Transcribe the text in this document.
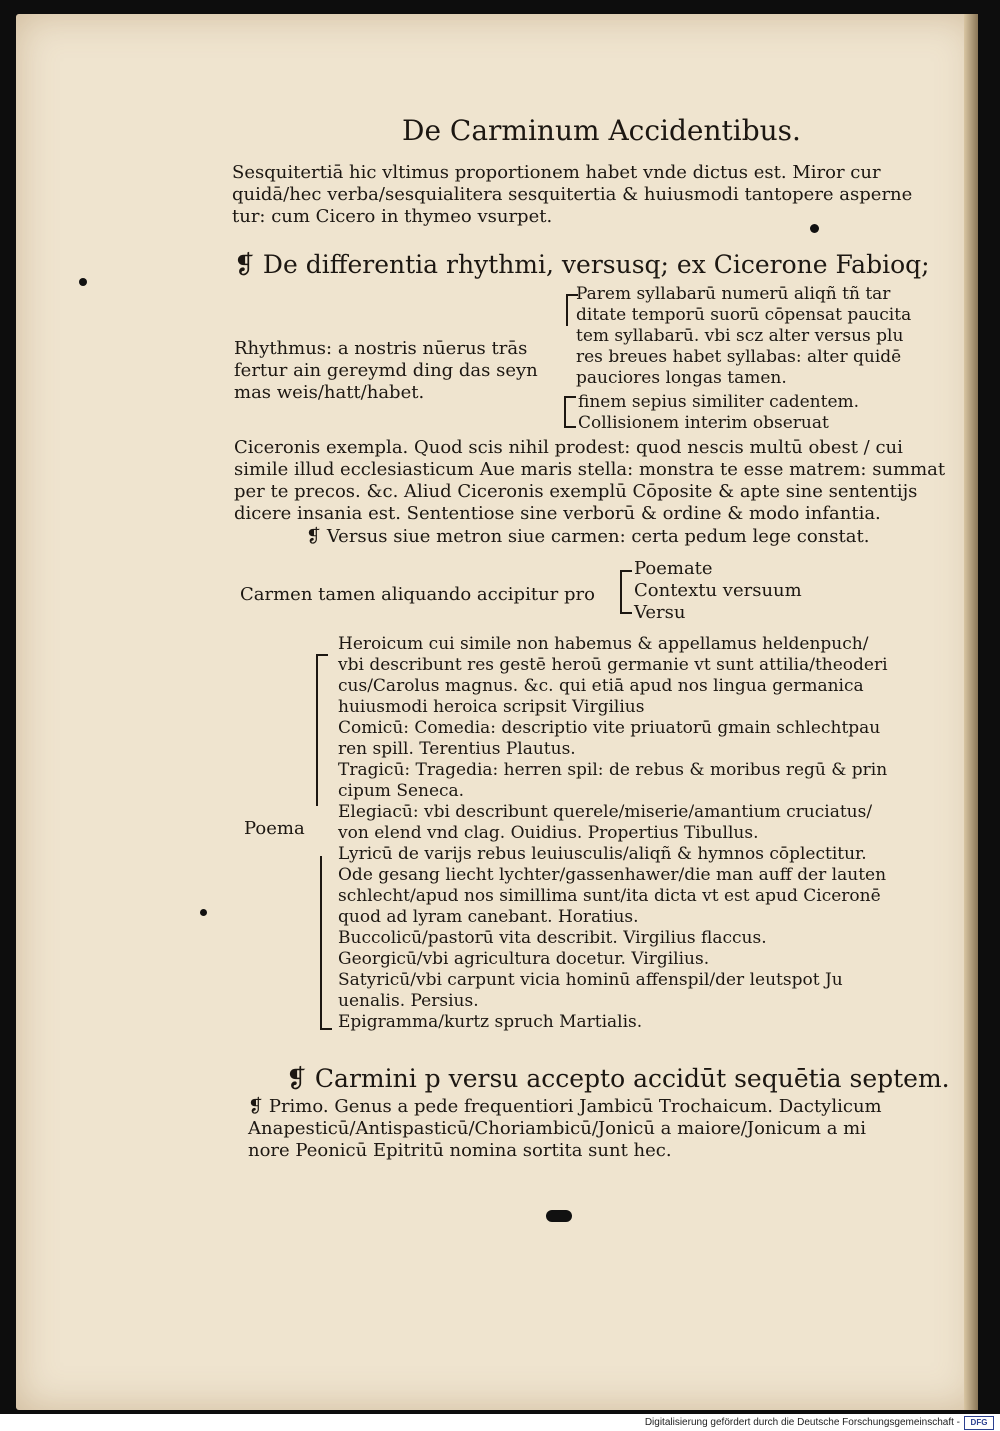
De Carminum Accidentibus.
Sesquitertiā hic vltimus proportionem habet vnde dictus est. Miror cur
quidā/hec verba/sesquialitera sesquitertia & huiusmodi tantopere asperne
tur: cum Cicero in thymeo vsurpet.
❡ De differentia rhythmi, versusq; ex Cicerone Fabioq;
Rhythmus: a nostris nūerus trās
fertur ain gereymd ding das seyn
mas weis/hatt/habet.
Parem syllabarū numerū aliqñ tñ tar
ditate temporū suorū cōpensat paucita
tem syllabarū. vbi scz alter versus plu
res breues habet syllabas: alter quidē
pauciores longas tamen.
finem sepius similiter cadentem.
Collisionem interim obseruat
Ciceronis exempla. Quod scis nihil prodest: quod nescis multū obest / cui
simile illud ecclesiasticum Aue maris stella: monstra te esse matrem: summat
per te precos. &c. Aliud Ciceronis exemplū Cōposite & apte sine sententijs
dicere insania est. Sententiose sine verborū & ordine & modo infantia.
❡ Versus siue metron siue carmen: certa pedum lege constat.
Carmen tamen aliquando accipitur pro
Poemate
Contextu versuum
Versu
Poema
Heroicum cui simile non habemus & appellamus heldenpuch/
vbi describunt res gestē heroū germanie vt sunt attilia/theoderi
cus/Carolus magnus. &c. qui etiā apud nos lingua germanica
huiusmodi heroica scripsit Virgilius
Comicū: Comedia: descriptio vite priuatorū gmain schlechtpau
ren spill. Terentius Plautus.
Tragicū: Tragedia: herren spil: de rebus & moribus regū & prin
cipum Seneca.
Elegiacū: vbi describunt querele/miserie/amantium cruciatus/
von elend vnd clag. Ouidius. Propertius Tibullus.
Lyricū de varijs rebus leuiusculis/aliqñ & hymnos cōplectitur.
Ode gesang liecht lychter/gassenhawer/die man auff der lauten
schlecht/apud nos simillima sunt/ita dicta vt est apud Ciceronē
quod ad lyram canebant. Horatius.
Buccolicū/pastorū vita describit. Virgilius flaccus.
Georgicū/vbi agricultura docetur. Virgilius.
Satyricū/vbi carpunt vicia hominū affenspil/der leutspot Ju
uenalis. Persius.
Epigramma/kurtz spruch Martialis.
❡ Carmini p versu accepto accidūt sequētia septem.
❡ Primo. Genus a pede frequentiori Jambicū Trochaicum. Dactylicum
Anapesticū/Antispasticū/Choriambicū/Jonicū a maiore/Jonicum a mi
nore Peonicū Epitritū nomina sortita sunt hec.
Digitalisierung gefördert durch die Deutsche Forschungsgemeinschaft -	DFG
